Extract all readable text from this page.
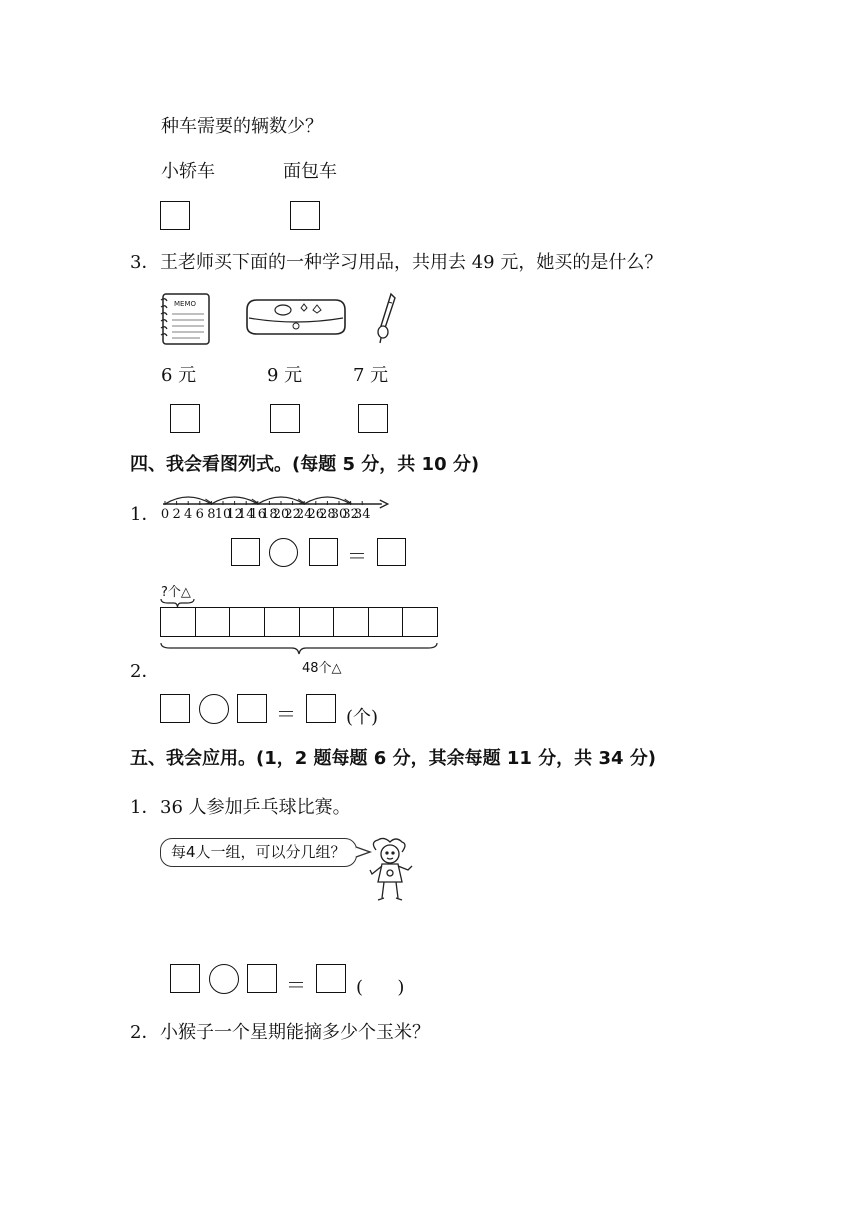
种车需要的辆数少？
小轿车	面包车
3． 王老师买下面的一种学习用品，共用去 49 元，她买的是什么？
MEMO
6 元	9 元	7 元
四、我会看图列式。(每题 5 分，共 10 分)
1． 0 2 4 6 8 10
12
14
16
18
20
22
24
26
28
30
32
34
＝
?个△
48个△
2．
＝	(个)
五、我会应用。(1，2 题每题 6 分，其余每题 11 分，共 34 分)
1． 36 人参加乒乓球比赛。
每4人一组，可以分几组？
＝	(      )
2． 小猴子一个星期能摘多少个玉米？
